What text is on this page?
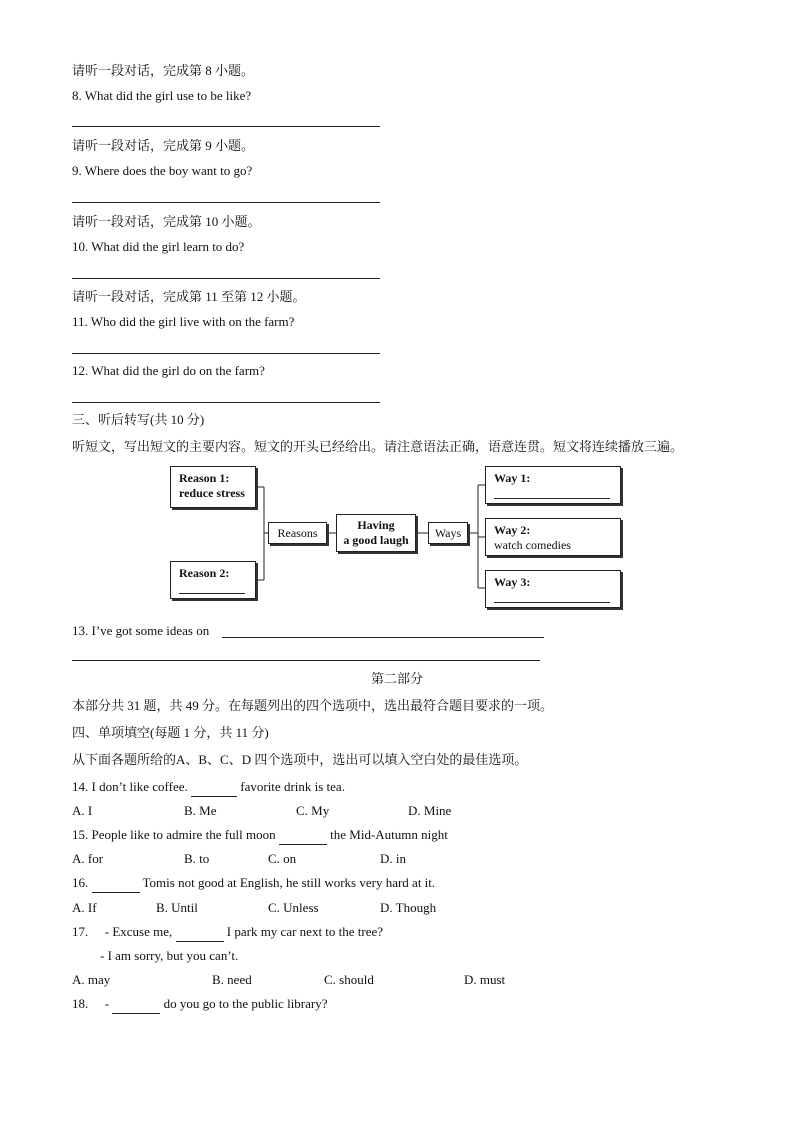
请听一段对话，完成第 8 小题。
8. What did the girl use to be like?
请听一段对话，完成第 9 小题。
9. Where does the boy want to go?
请听一段对话，完成第 10 小题。
10. What did the girl learn to do?
请听一段对话，完成第 11 至第 12 小题。
11. Who did the girl live with on the farm?
12. What did the girl do on the farm?
三、听后转写(共 10 分)
听短文，写出短文的主要内容。短文的开头已经给出。请注意语法正确，语意连贯。短文将连续播放三遍。
Reason 1:
reduce stress
Reason 2:
Reasons
Having
a good laugh	Ways
Way 1:
Way 2:
watch comedies
Way 3:
13. I’ve got some ideas on
第二部分
本部分共 31 题，共 49 分。在每题列出的四个选项中，选出最符合题目要求的一项。
四、单项填空(每题 1 分，共 11 分)
从下面各题所给的A、B、C、D 四个选项中，选出可以填入空白处的最佳选项。
14. I don’t like coffee.	favorite drink is tea.
A. I	B. Me	C. My	D. Mine
15. People like to admire the full moon	the Mid-Autumn night
A. for	B. to	C. on	D. in
16.	Tomis not good at English, he still works very hard at it.
A. If	B. Until	C. Unless	D. Though
17. - Excuse me,	I park my car next to the tree?
- I am sorry, but you can’t.
A. may	B. need	C. should	D. must
18. -	do you go to the public library?
